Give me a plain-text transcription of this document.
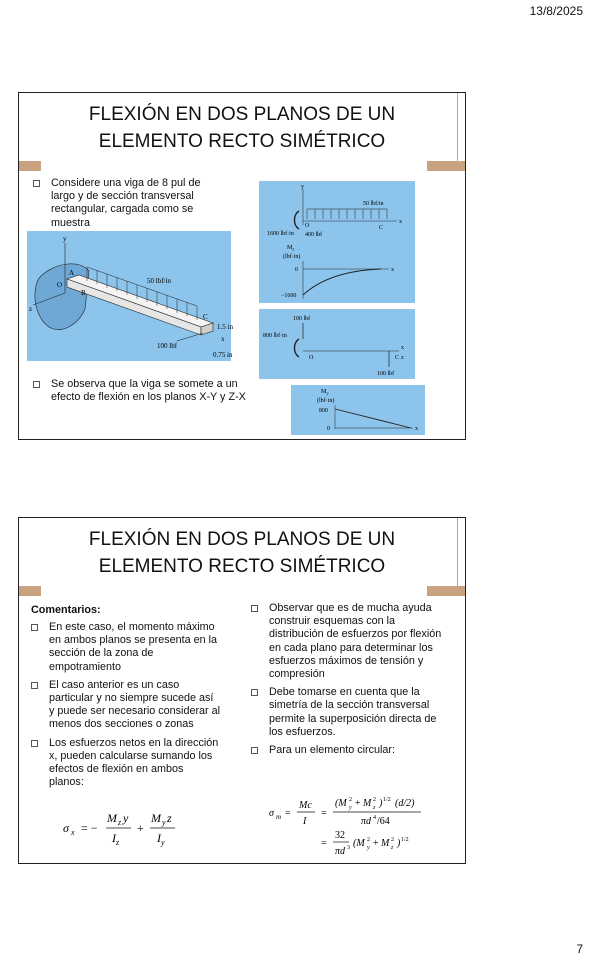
13/8/2025
FLEXIÓN EN DOS PLANOS DE UN
ELEMENTO RECTO SIMÉTRICO
Considere una viga de 8 pul de largo y de sección transversal rectangular, cargada como se muestra
Se observa que la viga se somete a un efecto de flexión en los planos X-Y y Z-X
y
z
50 lbf/in
100 lbf
1.5 in
0.75 in
A
B
O
C
x
y
x
50 lbf/in
1600 lbf·in
O
400 lbf
C
$M_z$
(lbf·in)
x
0
−1600
100 lbf
x
z
800 lbf·in
O	C
100 lbf
$M_y$
(lbf·in)
800
0	x
FLEXIÓN EN DOS PLANOS DE UN
ELEMENTO RECTO SIMÉTRICO
Comentarios:
En este caso, el momento máximo en ambos planos se presenta en la sección de la zona de empotramiento
El caso anterior es un caso particular y no siempre sucede así y puede ser necesario considerar al menos dos secciones o zonas
Los esfuerzos netos en la dirección x, pueden calcularse sumando los efectos de flexión en ambos planos:
Observar que es de mucha ayuda construir esquemas con la distribución de esfuerzos por flexión en cada plano para determinar los esfuerzos máximos de tensión y compresión
Debe tomarse en cuenta que la simetría de la sección transversal permite la superposición directa de los esfuerzos.
Para un elemento circular:
σ x = −
M z y
I z
+
M y z
I y
σ m =
Mc
I
=
(M 2
y + M 2
z ) 1/2 (d/2)
πd 4 /64
=
32
πd 3 (M 2
y + M 2
z ) 1/2
7
